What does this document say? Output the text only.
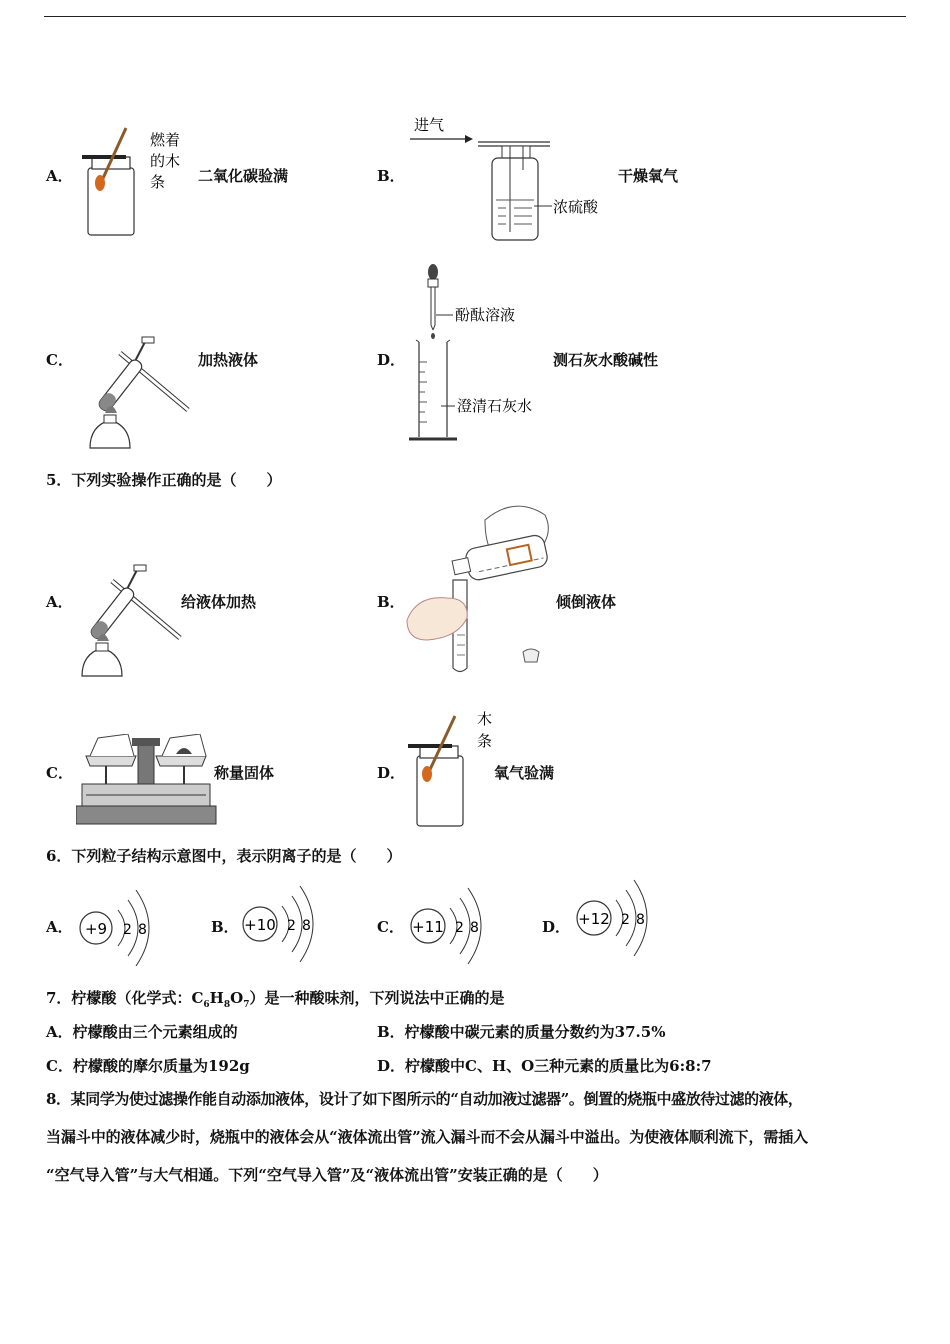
A．
燃着
的木
条 二氧化碳验满	B．
进气
浓硫酸
干燥氧气
C．	加热液体	D．
酚酞溶液
澄清石灰水
测石灰水酸碱性
5．下列实验操作正确的是（　　）
A．	给液体加热	B．	倾倒液体
C．	称量固体	D．
木
条
氧气验满
6．下列粒子结构示意图中，表示阴离子的是（　　）
A． +9 2 8	B． +10 2 8	C． +11 2 8	D． +12 2 8
7．柠檬酸（化学式：$C_6H_8O_7$）是一种酸味剂，下列说法中正确的是
A．柠檬酸由三个元素组成的	B．柠檬酸中碳元素的质量分数约为37.5%
C．柠檬酸的摩尔质量为192g	D．柠檬酸中C、H、O三种元素的质量比为6:8:7
8．某同学为使过滤操作能自动添加液体，设计了如下图所示的“自动加液过滤器”。倒置的烧瓶中盛放待过滤的液体，
当漏斗中的液体减少时，烧瓶中的液体会从“液体流出管”流入漏斗而不会从漏斗中溢出。为使液体顺利流下，需插入
“空气导入管”与大气相通。下列“空气导入管”及“液体流出管”安装正确的是（　　）
